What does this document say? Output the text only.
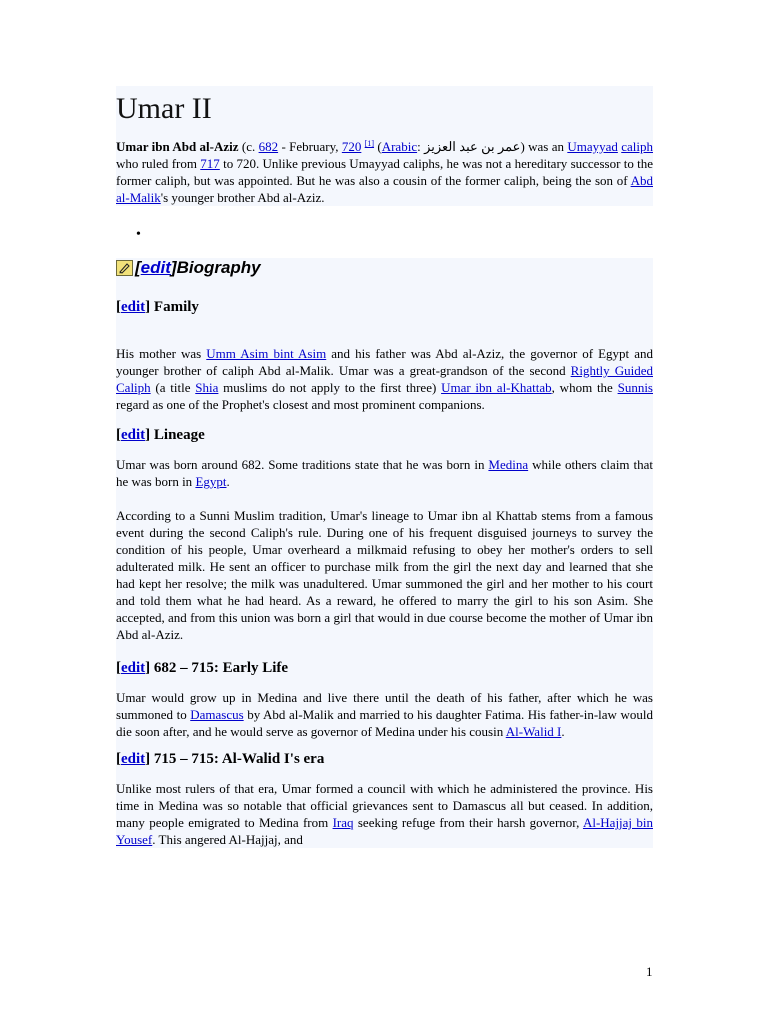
Umar II

Umar ibn Abd al-Aziz (c. 682 - February, 720 [1] (Arabic: عمر بن عبد العزيز) was an Umayyad caliph who ruled from 717 to 720. Unlike previous Umayyad caliphs, he was not a hereditary successor to the former caliph, but was appointed. But he was also a cousin of the former caliph, being the son of Abd al-Malik's younger brother Abd al-Aziz.

•
[ edit ] Biography
[edit] Family

His mother was Umm Asim bint Asim and his father was Abd al-Aziz, the governor of Egypt and younger brother of caliph Abd al-Malik. Umar was a great-grandson of the second Rightly Guided Caliph (a title Shia muslims do not apply to the first three) Umar ibn al-Khattab, whom the Sunnis regard as one of the Prophet's closest and most prominent companions.

[edit] Lineage

Umar was born around 682. Some traditions state that he was born in Medina while others claim that he was born in Egypt.

According to a Sunni Muslim tradition, Umar's lineage to Umar ibn al Khattab stems from a famous event during the second Caliph's rule. During one of his frequent disguised journeys to survey the condition of his people, Umar overheard a milkmaid refusing to obey her mother's orders to sell adulterated milk. He sent an officer to purchase milk from the girl the next day and learned that she had kept her resolve; the milk was unadultered. Umar summoned the girl and her mother to his court and told them what he had heard. As a reward, he offered to marry the girl to his son Asim. She accepted, and from this union was born a girl that would in due course become the mother of Umar ibn Abd al-Aziz.

[edit] 682 – 715: Early Life

Umar would grow up in Medina and live there until the death of his father, after which he was summoned to Damascus by Abd al-Malik and married to his daughter Fatima. His father-in-law would die soon after, and he would serve as governor of Medina under his cousin Al-Walid I.

[edit] 715 – 715: Al-Walid I's era

Unlike most rulers of that era, Umar formed a council with which he administered the province. His time in Medina was so notable that official grievances sent to Damascus all but ceased. In addition, many people emigrated to Medina from Iraq seeking refuge from their harsh governor, Al-Hajjaj bin Yousef. This angered Al-Hajjaj, and

1
